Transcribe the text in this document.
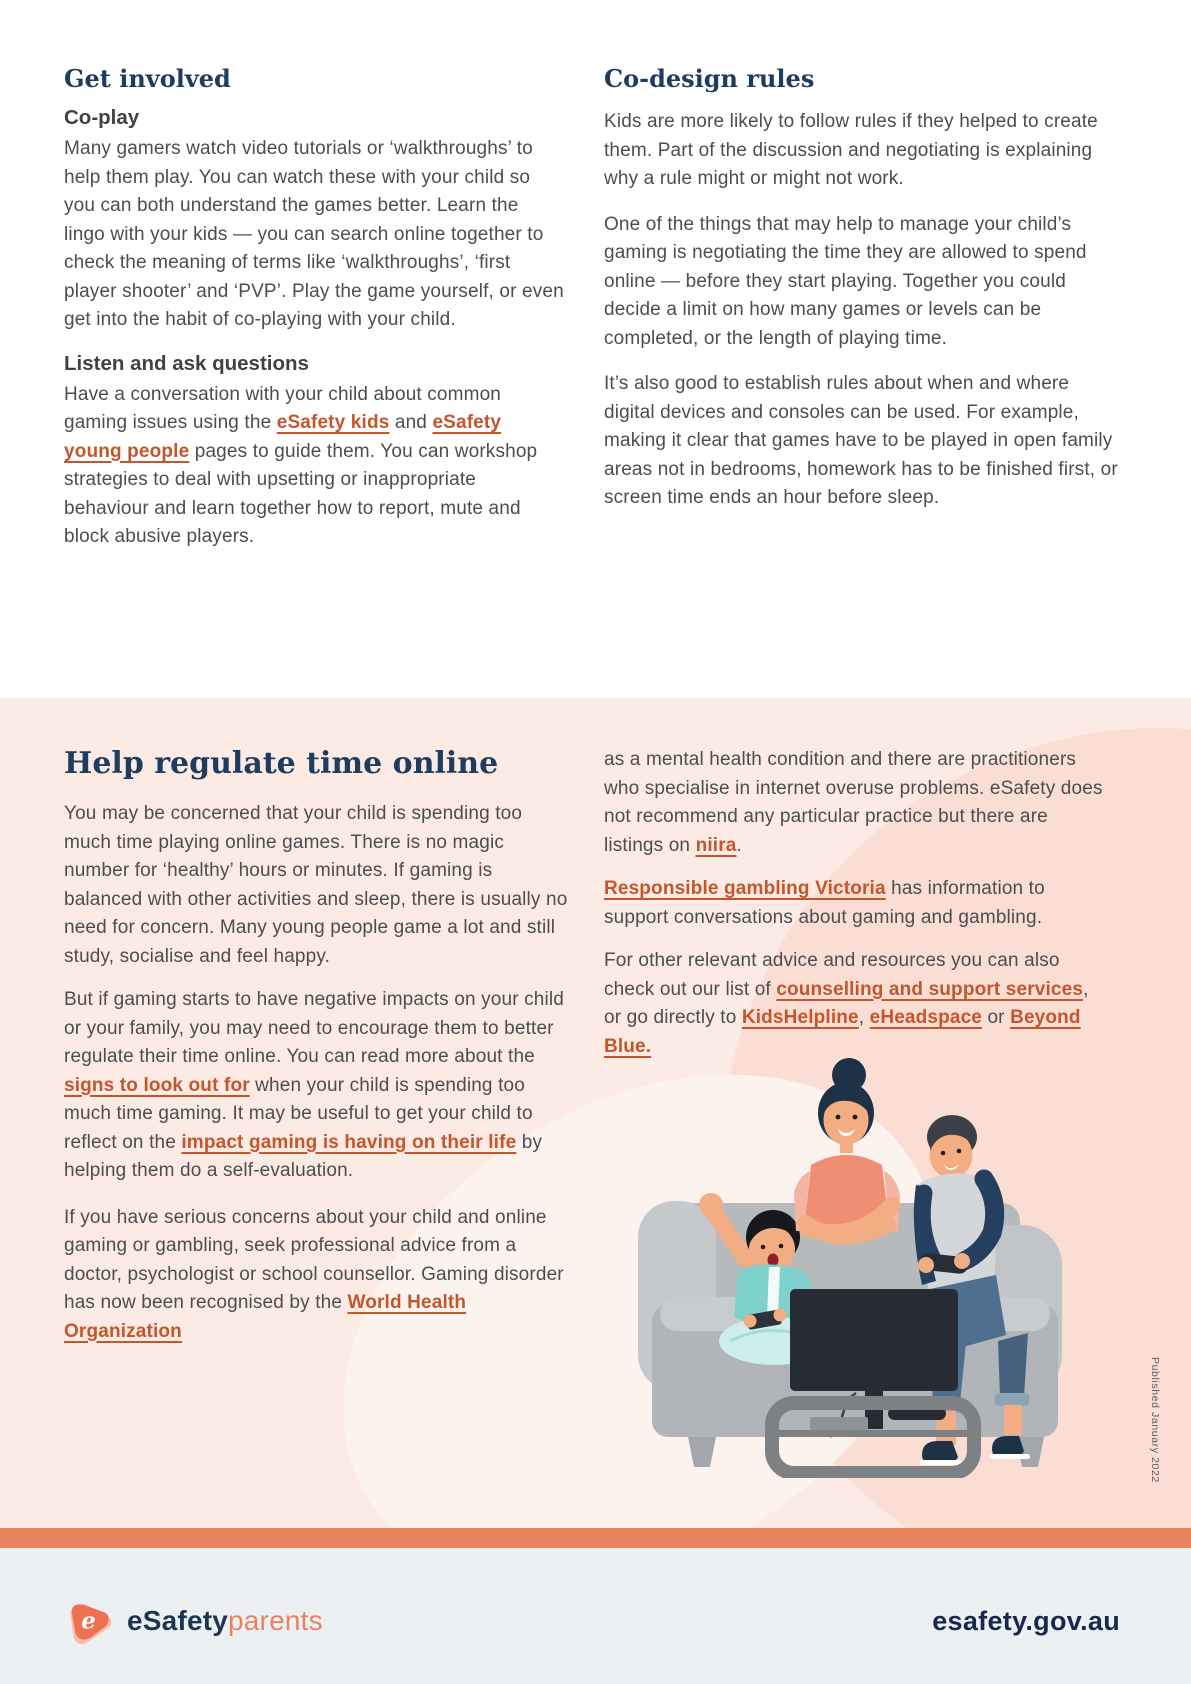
Get involved
Co-play

Many gamers watch video tutorials or ‘walkthroughs’ to help them play. You can watch these with your child so you can both understand the games better. Learn the lingo with your kids — you can search online together to check the meaning of terms like ‘walkthroughs’, ‘first player shooter’ and ‘PVP’. Play the game yourself, or even get into the habit of co-playing with your child.

Listen and ask questions

Have a conversation with your child about common gaming issues using the eSafety kids and eSafety young people pages to guide them. You can workshop strategies to deal with upsetting or inappropriate behaviour and learn together how to report, mute and block abusive players.

Co-design rules

Kids are more likely to follow rules if they helped to create them. Part of the discussion and negotiating is explaining why a rule might or might not work.

One of the things that may help to manage your child’s gaming is negotiating the time they are allowed to spend online — before they start playing. Together you could decide a limit on how many games or levels can be completed, or the length of playing time.

It’s also good to establish rules about when and where digital devices and consoles can be used. For example, making it clear that games have to be played in open family areas not in bedrooms, homework has to be finished first, or screen time ends an hour before sleep.

Help regulate time online

You may be concerned that your child is spending too much time playing online games. There is no magic number for ‘healthy’ hours or minutes. If gaming is balanced with other activities and sleep, there is usually no need for concern. Many young people game a lot and still study, socialise and feel happy.

But if gaming starts to have negative impacts on your child or your family, you may need to encourage them to better regulate their time online. You can read more about the signs to look out for when your child is spending too much time gaming. It may be useful to get your child to reflect on the impact gaming is having on their life by helping them do a self-evaluation.

If you have serious concerns about your child and online gaming or gambling, seek professional advice from a doctor, psychologist or school counsellor. Gaming disorder has now been recognised by the World Health Organization

as a mental health condition and there are practitioners who specialise in internet overuse problems. eSafety does not recommend any particular practice but there are listings on niira.

Responsible gambling Victoria has information to support conversations about gaming and gambling.

For other relevant advice and resources you can also check out our list of counselling and support services, or go directly to KidsHelpline, eHeadspace or Beyond Blue.

Published January 2022
e eSafetyparents	esafety.gov.au
